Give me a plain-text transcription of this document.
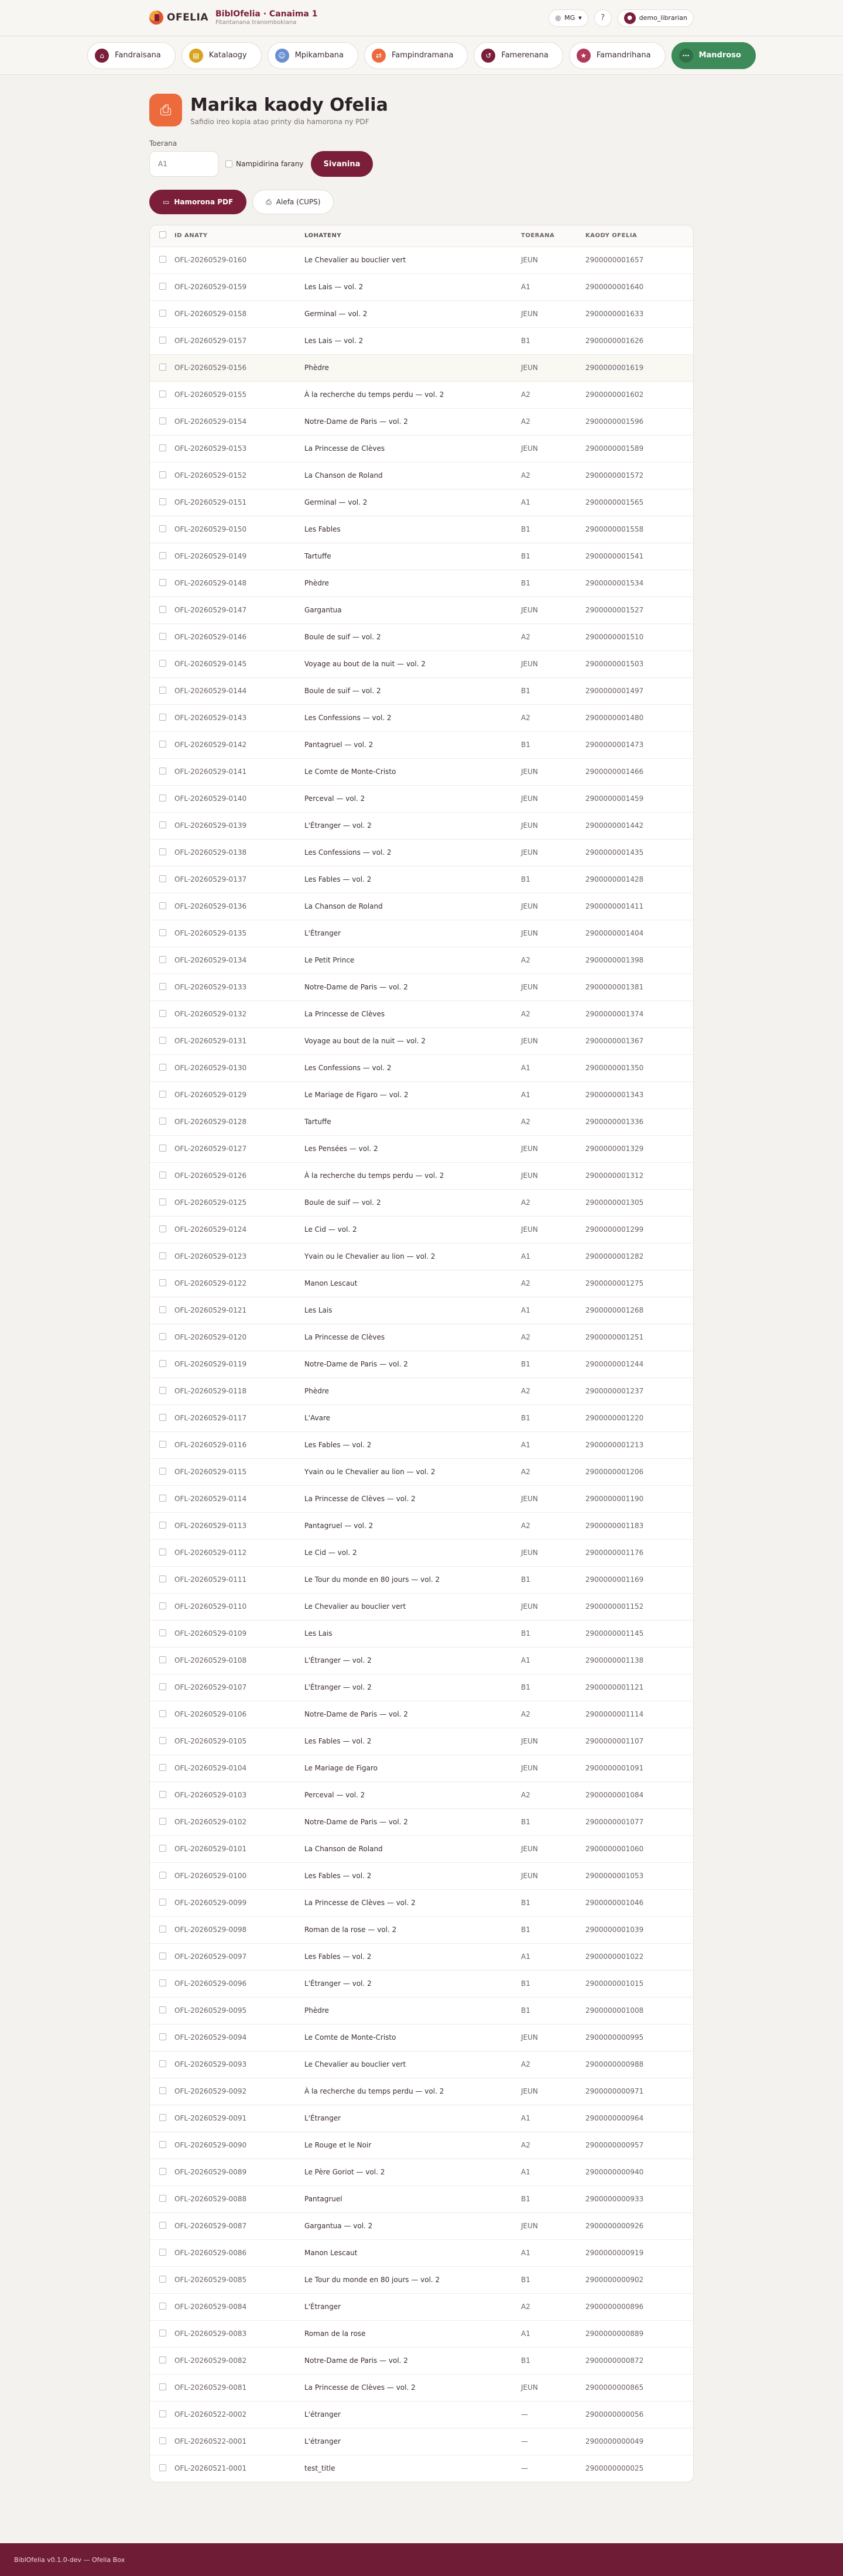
OFELIA BiblOfelia · Canaima 1
Fitantanana tranombokiana
◎ MG ▾	?	●	demo_librarian
⌂	Fandraisana	▤	Katalaogy	☺	Mpikambana	⇄	Fampindramana	↺	Famerenana	★	Famandrihana	⋯	Mandroso
⎙	Marika kaody Ofelia
Safidio ireo kopia atao printy dia hamorona ny PDF
Toerana
A1
Nampidirina farany	Sivanina
▭ Hamorona PDF	⎙ Alefa (CUPS)
	ID ANATY	LOHATENY	TOERANA	KAODY OFELIA
	OFL-20260529-0160	Le Chevalier au bouclier vert	JEUN	2900000001657
	OFL-20260529-0159	Les Lais — vol. 2	A1	2900000001640
	OFL-20260529-0158	Germinal — vol. 2	JEUN	2900000001633
	OFL-20260529-0157	Les Lais — vol. 2	B1	2900000001626
	OFL-20260529-0156	Phèdre	JEUN	2900000001619
	OFL-20260529-0155	À la recherche du temps perdu — vol. 2	A2	2900000001602
	OFL-20260529-0154	Notre-Dame de Paris — vol. 2	A2	2900000001596
	OFL-20260529-0153	La Princesse de Clèves	JEUN	2900000001589
	OFL-20260529-0152	La Chanson de Roland	A2	2900000001572
	OFL-20260529-0151	Germinal — vol. 2	A1	2900000001565
	OFL-20260529-0150	Les Fables	B1	2900000001558
	OFL-20260529-0149	Tartuffe	B1	2900000001541
	OFL-20260529-0148	Phèdre	B1	2900000001534
	OFL-20260529-0147	Gargantua	JEUN	2900000001527
	OFL-20260529-0146	Boule de suif — vol. 2	A2	2900000001510
	OFL-20260529-0145	Voyage au bout de la nuit — vol. 2	JEUN	2900000001503
	OFL-20260529-0144	Boule de suif — vol. 2	B1	2900000001497
	OFL-20260529-0143	Les Confessions — vol. 2	A2	2900000001480
	OFL-20260529-0142	Pantagruel — vol. 2	B1	2900000001473
	OFL-20260529-0141	Le Comte de Monte-Cristo	JEUN	2900000001466
	OFL-20260529-0140	Perceval — vol. 2	JEUN	2900000001459
	OFL-20260529-0139	L'Étranger — vol. 2	JEUN	2900000001442
	OFL-20260529-0138	Les Confessions — vol. 2	JEUN	2900000001435
	OFL-20260529-0137	Les Fables — vol. 2	B1	2900000001428
	OFL-20260529-0136	La Chanson de Roland	JEUN	2900000001411
	OFL-20260529-0135	L'Étranger	JEUN	2900000001404
	OFL-20260529-0134	Le Petit Prince	A2	2900000001398
	OFL-20260529-0133	Notre-Dame de Paris — vol. 2	JEUN	2900000001381
	OFL-20260529-0132	La Princesse de Clèves	A2	2900000001374
	OFL-20260529-0131	Voyage au bout de la nuit — vol. 2	JEUN	2900000001367
	OFL-20260529-0130	Les Confessions — vol. 2	A1	2900000001350
	OFL-20260529-0129	Le Mariage de Figaro — vol. 2	A1	2900000001343
	OFL-20260529-0128	Tartuffe	A2	2900000001336
	OFL-20260529-0127	Les Pensées — vol. 2	JEUN	2900000001329
	OFL-20260529-0126	À la recherche du temps perdu — vol. 2	JEUN	2900000001312
	OFL-20260529-0125	Boule de suif — vol. 2	A2	2900000001305
	OFL-20260529-0124	Le Cid — vol. 2	JEUN	2900000001299
	OFL-20260529-0123	Yvain ou le Chevalier au lion — vol. 2	A1	2900000001282
	OFL-20260529-0122	Manon Lescaut	A2	2900000001275
	OFL-20260529-0121	Les Lais	A1	2900000001268
	OFL-20260529-0120	La Princesse de Clèves	A2	2900000001251
	OFL-20260529-0119	Notre-Dame de Paris — vol. 2	B1	2900000001244
	OFL-20260529-0118	Phèdre	A2	2900000001237
	OFL-20260529-0117	L'Avare	B1	2900000001220
	OFL-20260529-0116	Les Fables — vol. 2	A1	2900000001213
	OFL-20260529-0115	Yvain ou le Chevalier au lion — vol. 2	A2	2900000001206
	OFL-20260529-0114	La Princesse de Clèves — vol. 2	JEUN	2900000001190
	OFL-20260529-0113	Pantagruel — vol. 2	A2	2900000001183
	OFL-20260529-0112	Le Cid — vol. 2	JEUN	2900000001176
	OFL-20260529-0111	Le Tour du monde en 80 jours — vol. 2	B1	2900000001169
	OFL-20260529-0110	Le Chevalier au bouclier vert	JEUN	2900000001152
	OFL-20260529-0109	Les Lais	B1	2900000001145
	OFL-20260529-0108	L'Étranger — vol. 2	A1	2900000001138
	OFL-20260529-0107	L'Étranger — vol. 2	B1	2900000001121
	OFL-20260529-0106	Notre-Dame de Paris — vol. 2	A2	2900000001114
	OFL-20260529-0105	Les Fables — vol. 2	JEUN	2900000001107
	OFL-20260529-0104	Le Mariage de Figaro	JEUN	2900000001091
	OFL-20260529-0103	Perceval — vol. 2	A2	2900000001084
	OFL-20260529-0102	Notre-Dame de Paris — vol. 2	B1	2900000001077
	OFL-20260529-0101	La Chanson de Roland	JEUN	2900000001060
	OFL-20260529-0100	Les Fables — vol. 2	JEUN	2900000001053
	OFL-20260529-0099	La Princesse de Clèves — vol. 2	B1	2900000001046
	OFL-20260529-0098	Roman de la rose — vol. 2	B1	2900000001039
	OFL-20260529-0097	Les Fables — vol. 2	A1	2900000001022
	OFL-20260529-0096	L'Étranger — vol. 2	B1	2900000001015
	OFL-20260529-0095	Phèdre	B1	2900000001008
	OFL-20260529-0094	Le Comte de Monte-Cristo	JEUN	2900000000995
	OFL-20260529-0093	Le Chevalier au bouclier vert	A2	2900000000988
	OFL-20260529-0092	À la recherche du temps perdu — vol. 2	JEUN	2900000000971
	OFL-20260529-0091	L'Étranger	A1	2900000000964
	OFL-20260529-0090	Le Rouge et le Noir	A2	2900000000957
	OFL-20260529-0089	Le Père Goriot — vol. 2	A1	2900000000940
	OFL-20260529-0088	Pantagruel	B1	2900000000933
	OFL-20260529-0087	Gargantua — vol. 2	JEUN	2900000000926
	OFL-20260529-0086	Manon Lescaut	A1	2900000000919
	OFL-20260529-0085	Le Tour du monde en 80 jours — vol. 2	B1	2900000000902
	OFL-20260529-0084	L'Étranger	A2	2900000000896
	OFL-20260529-0083	Roman de la rose	A1	2900000000889
	OFL-20260529-0082	Notre-Dame de Paris — vol. 2	B1	2900000000872
	OFL-20260529-0081	La Princesse de Clèves — vol. 2	JEUN	2900000000865
	OFL-20260522-0002	L'étranger	—	2900000000056
	OFL-20260522-0001	L'étranger	—	2900000000049
	OFL-20260521-0001	test_title	—	2900000000025
BiblOfelia v0.1.0-dev — Ofelia Box
